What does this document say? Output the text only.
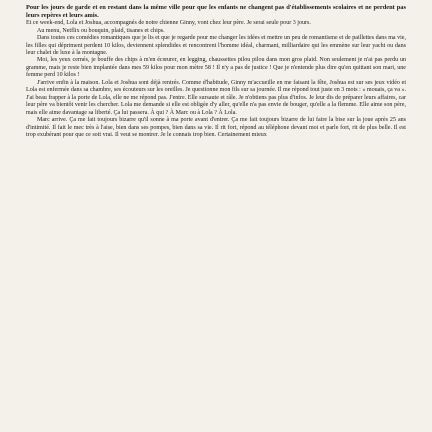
Pour les jours de garde et en restant dans la même ville pour que les enfants ne changent pas d'établissements scolaires et ne perdent pas leurs repères et leurs amis.

Et ce week-end, Lola et Joshua, accompagnés de notre chienne Ginny, vont chez leur père. Je serai seule pour 3 jours.

Au menu, Netflix ou bouquin, plaid, tisanes et chips.

Dans toutes ces comédies romantiques que je lis et que je regarde pour me changer les idées et mettre un peu de romantisme et de paillettes dans ma vie, les filles qui dépriment perdent 10 kilos, deviennent splendides et rencontrent l'homme idéal, charmant, milliardaire qui les emmène sur leur yacht ou dans leur chalet de luxe à la montagne.

Moi, les yeux cernés, je bouffe des chips à m'en écœurer, en legging, chaussettes pilou pilou dans mon gros plaid. Non seulement je n'ai pas perdu un gramme, mais je reste bien implantée dans mes 59 kilos pour mon mètre 58 ! Il n'y a pas de justice ! Que je n'entende plus dire qu'en quittant son mari, une femme perd 10 kilos !

J'arrive enfin à la maison. Lola et Joshua sont déjà rentrés. Comme d'habitude, Ginny m'accueille en me faisant la fête, Joshua est sur ses jeux vidéo et Lola est enfermée dans sa chambre, ses écouteurs sur les oreilles. Je questionne mon fils sur sa journée. Il me répond tout juste en 3 mots : « mouais, ça va ». J'ai beau frapper à la porte de Lola, elle ne me répond pas. J'entre. Elle sursaute et râle. Je n'obtiens pas plus d'infos. Je leur dis de préparer leurs affaires, car leur père va bientôt venir les chercher. Lola me demande si elle est obligée d'y aller, qu'elle n'a pas envie de bouger, qu'elle a la flemme. Elle aime son père, mais elle aime davantage sa liberté. Ça lui passera. À qui ? À Marc ou à Lola ? À Lola.

Marc arrive. Ça me fait toujours bizarre qu'il sonne à ma porte avant d'entrer. Ça me fait toujours bizarre de lui faire la bise sur la joue après 25 ans d'intimité. Il fait le mec très à l'aise, bien dans ses pompes, bien dans sa vie. Il rit fort, répond au téléphone devant moi et parle fort, rit de plus belle. Il est trop exubérant pour que ce soit vrai. Il veut se montrer. Je le connais trop bien. Certainement mieux
